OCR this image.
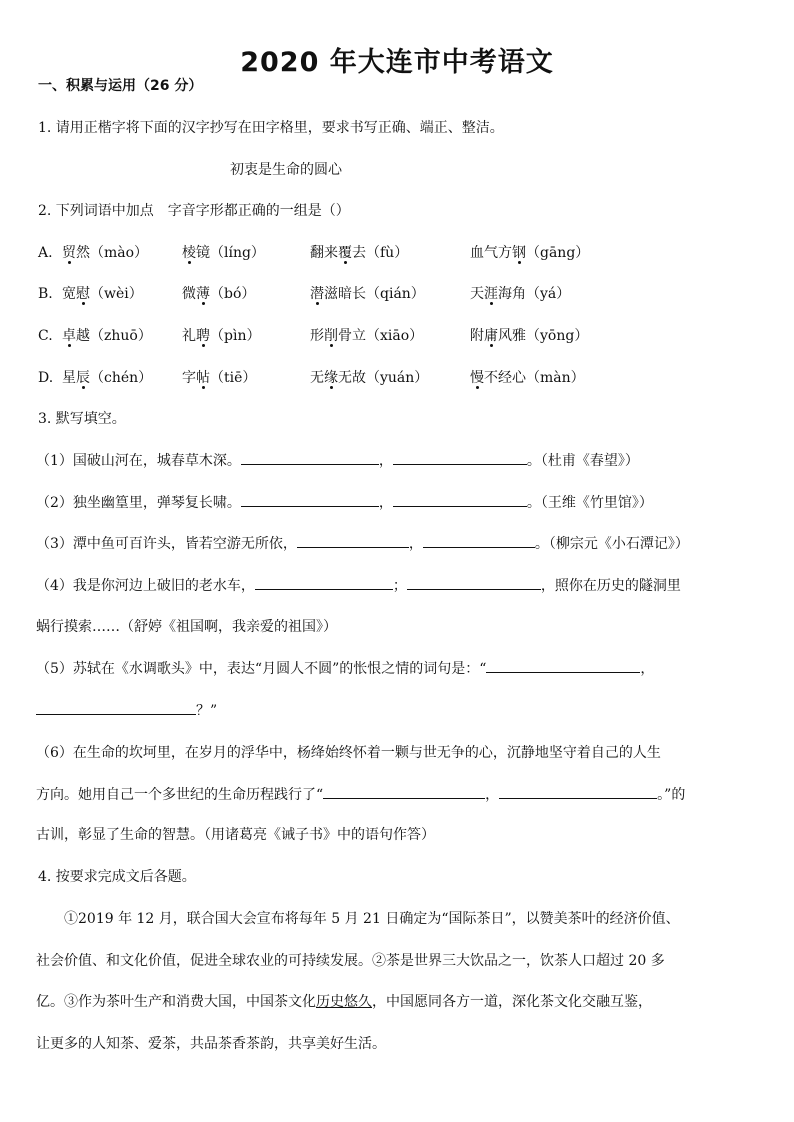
2020 年大连市中考语文
一、积累与运用（26 分）
1. 请用正楷字将下面的汉字抄写在田字格里，要求书写正确、端正、整洁。
初衷是生命的圆心
2. 下列词语中加点　字音字形都正确的一组是（）
A. 贸然（mào） 棱镜（líng）	翻来覆去（fù）	血气方钢（gāng）
B. 宽慰（wèi）	微薄（bó）	潜滋暗长（qián）	天涯海角（yá）
C. 卓越（zhuō） 礼聘（pìn）	形削骨立（xiāo）	附庸风雅（yōng）
D. 星辰（chén） 字帖（tiē）	无缘无故（yuán）	慢不经心（màn）
3. 默写填空。
（1）国破山河在，城春草木深。	，	。（杜甫《春望》）
（2）独坐幽篁里，弹琴复长啸。	，	。（王维《竹里馆》）
（3）潭中鱼可百许头，皆若空游无所依，	，	。（柳宗元《小石潭记》）
（4）我是你河边上破旧的老水车，	；	，照你在历史的隧洞里
蜗行摸索……（舒婷《祖国啊，我亲爱的祖国》）
（5）苏轼在《水调歌头》中，表达“月圆人不圆”的怅恨之情的词句是：“	，
？”
（6）在生命的坎坷里，在岁月的浮华中，杨绛始终怀着一颗与世无争的心，沉静地坚守着自己的人生
方向。她用自己一个多世纪的生命历程践行了“	，	。”的
古训，彰显了生命的智慧。（用诸葛亮《诫子书》中的语句作答）
4. 按要求完成文后各题。
①2019 年 12 月，联合国大会宣布将每年 5 月 21 日确定为“国际茶日”，以赞美茶叶的经济价值、
社会价值、和文化价值，促进全球农业的可持续发展。②茶是世界三大饮品之一，饮茶人口超过 20 多
亿。③作为茶叶生产和消费大国，中国茶文化历史悠久，中国愿同各方一道，深化茶文化交融互鉴，
让更多的人知茶、爱茶，共品茶香茶韵，共享美好生活。
